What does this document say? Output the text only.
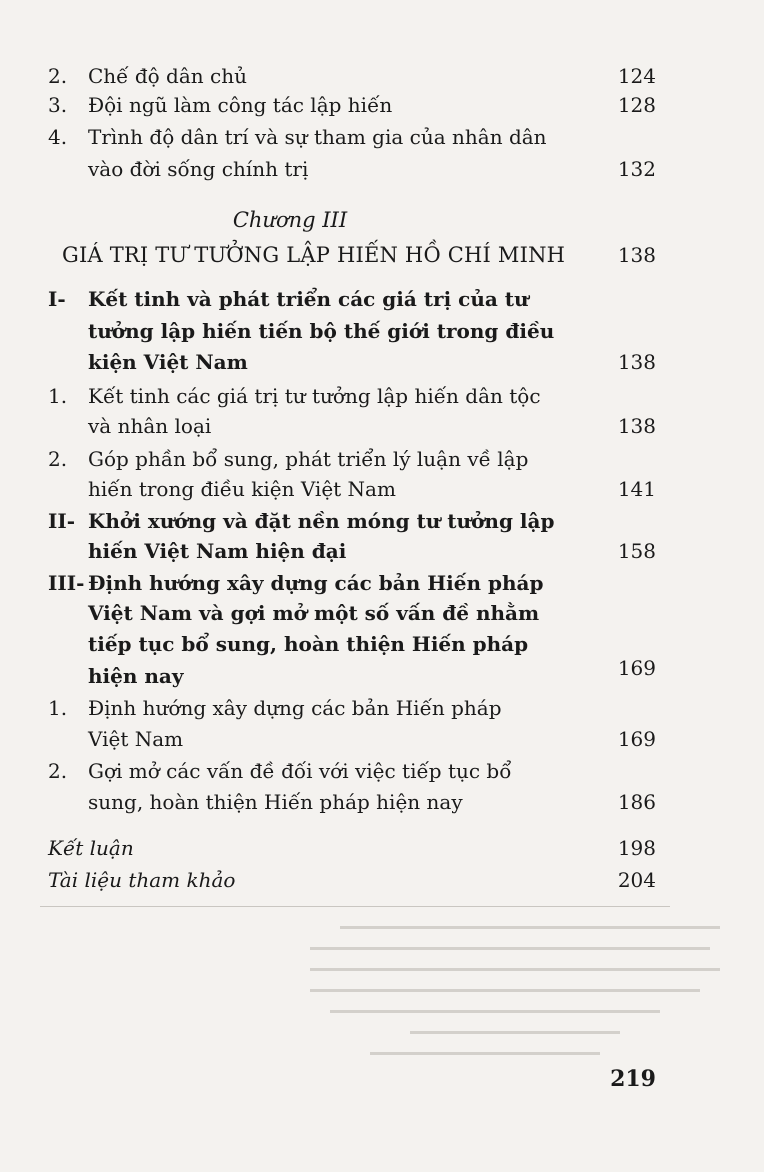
2. Chế độ dân chủ	124
3. Đội ngũ làm công tác lập hiến	128
4. Trình độ dân trí và sự tham gia của nhân dân
vào đời sống chính trị	132
Chương III
GIÁ TRỊ TƯ TƯỞNG LẬP HIẾN HỒ CHÍ MINH	138
I- Kết tinh và phát triển các giá trị của tư
tưởng lập hiến tiến bộ thế giới trong điều
kiện Việt Nam	138
1. Kết tinh các giá trị tư tưởng lập hiến dân tộc
và nhân loại	138
2. Góp phần bổ sung, phát triển lý luận về lập
hiến trong điều kiện Việt Nam	141
II- Khởi xướng và đặt nền móng tư tưởng lập
hiến Việt Nam hiện đại	158
III- Định hướng xây dựng các bản Hiến pháp
Việt Nam và gợi mở một số vấn đề nhằm
tiếp tục bổ sung, hoàn thiện Hiến pháp
hiện nay	169
1. Định hướng xây dựng các bản Hiến pháp
Việt Nam	169
2. Gợi mở các vấn đề đối với việc tiếp tục bổ
sung, hoàn thiện Hiến pháp hiện nay	186
Kết luận	198
Tài liệu tham khảo	204
219
